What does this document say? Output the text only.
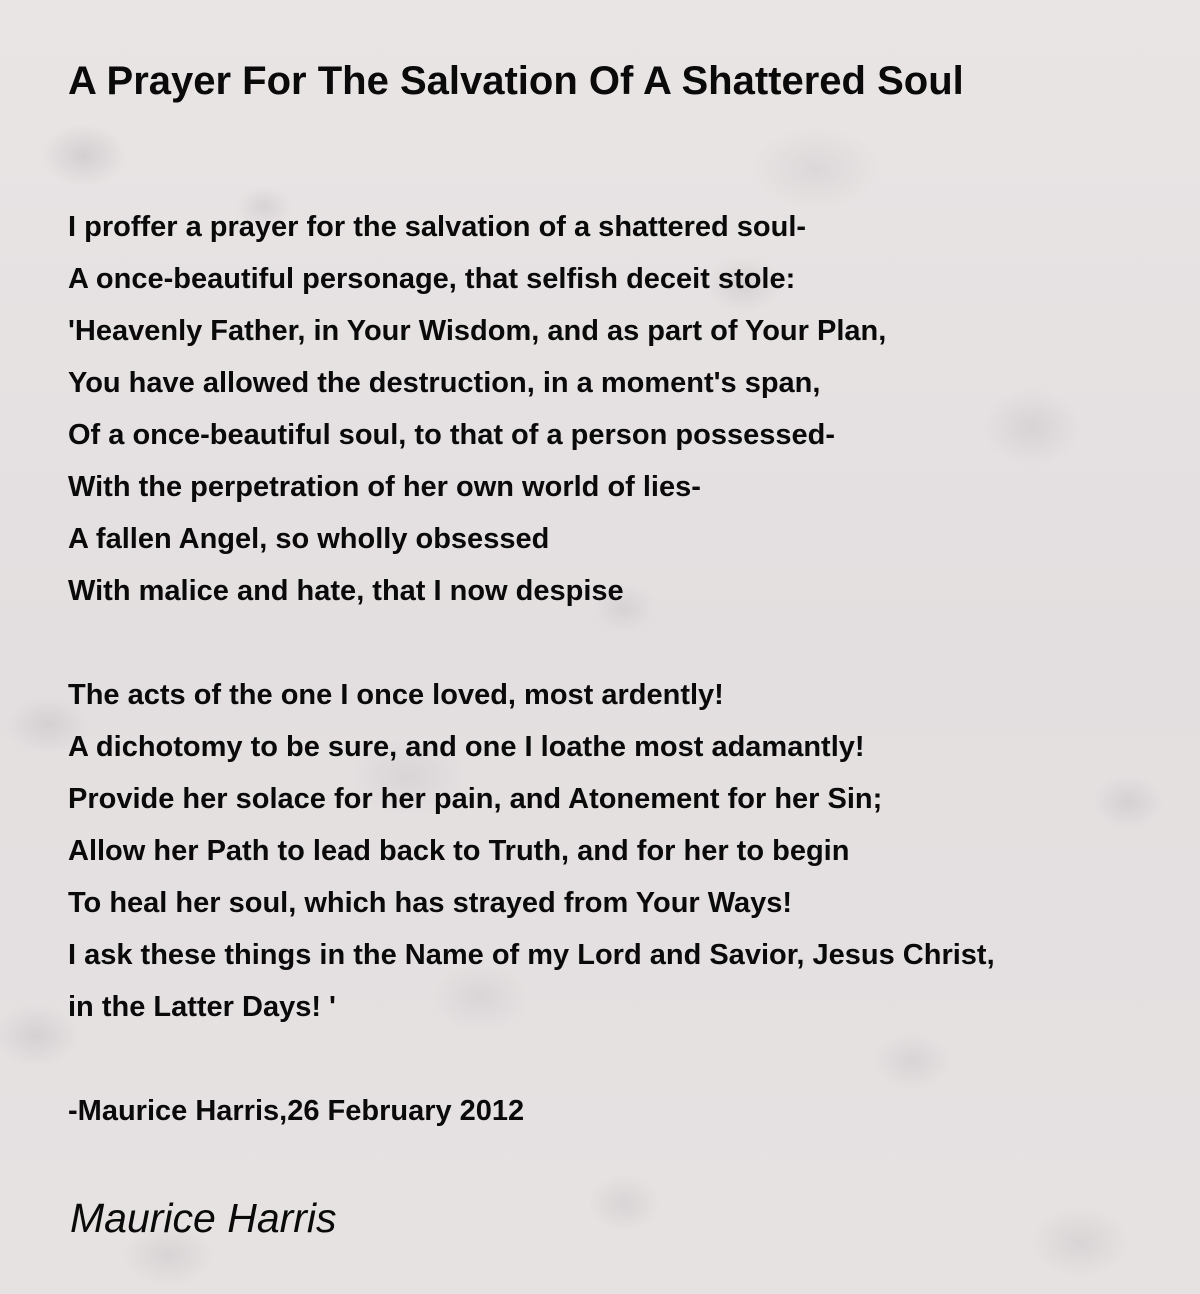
A Prayer For The Salvation Of A Shattered Soul
I proffer a prayer for the salvation of a shattered soul-
A once-beautiful personage, that selfish deceit stole:
'Heavenly Father, in Your Wisdom, and as part of Your Plan,
You have allowed the destruction, in a moment's span,
Of a once-beautiful soul, to that of a person possessed-
With the perpetration of her own world of lies-
A fallen Angel, so wholly obsessed
With malice and hate, that I now despise
The acts of the one I once loved, most ardently!
A dichotomy to be sure, and one I loathe most adamantly!
Provide her solace for her pain, and Atonement for her Sin;
Allow her Path to lead back to Truth, and for her to begin
To heal her soul, which has strayed from Your Ways!
I ask these things in the Name of my Lord and Savior, Jesus Christ,
in the Latter Days! '
-Maurice Harris,26 February 2012

Maurice Harris
